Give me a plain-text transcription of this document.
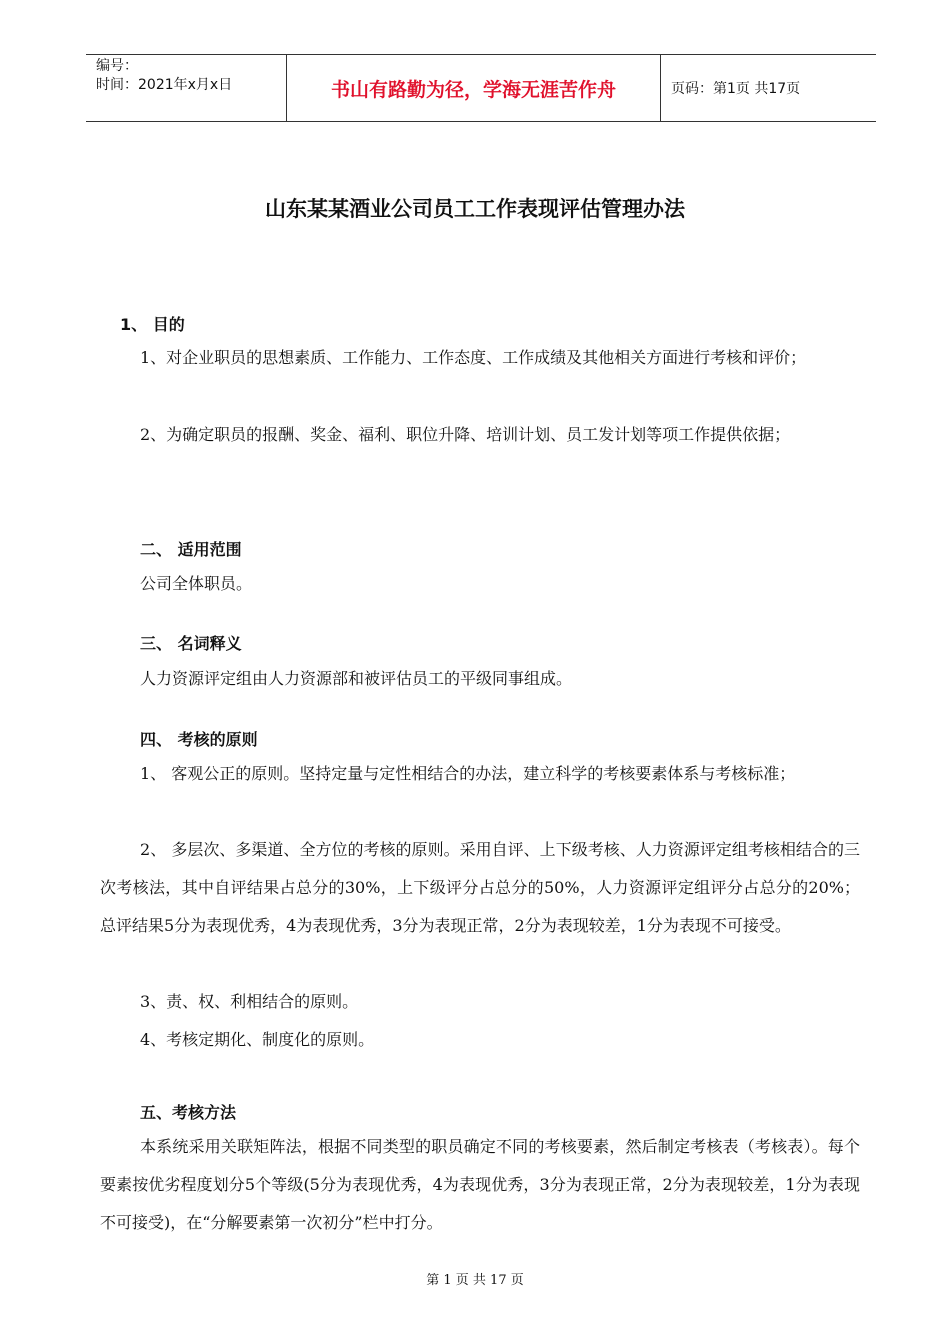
编号：
时间：2021年x月x日	书山有路勤为径，学海无涯苦作舟	页码：第1页 共17页
山东某某酒业公司员工工作表现评估管理办法
1、 目的
1、对企业职员的思想素质、工作能力、工作态度、工作成绩及其他相关方面进行考核和评价；
2、为确定职员的报酬、奖金、福利、职位升降、培训计划、员工发计划等项工作提供依据；
二、 适用范围
公司全体职员。
三、 名词释义
人力资源评定组由人力资源部和被评估员工的平级同事组成。
四、 考核的原则
1、 客观公正的原则。坚持定量与定性相结合的办法，建立科学的考核要素体系与考核标准；
2、 多层次、多渠道、全方位的考核的原则。采用自评、上下级考核、人力资源评定组考核相结合的三次考核法，其中自评结果占总分的30%，上下级评分占总分的50%，人力资源评定组评分占总分的20%；总评结果5分为表现优秀，4为表现优秀，3分为表现正常，2分为表现较差，1分为表现不可接受。
3、责、权、利相结合的原则。
4、考核定期化、制度化的原则。
五、考核方法
本系统采用关联矩阵法，根据不同类型的职员确定不同的考核要素，然后制定考核表（考核表）。每个要素按优劣程度划分5个等级(5分为表现优秀，4为表现优秀，3分为表现正常，2分为表现较差，1分为表现不可接受)，在“分解要素第一次初分”栏中打分。
第 1 页 共 17 页
